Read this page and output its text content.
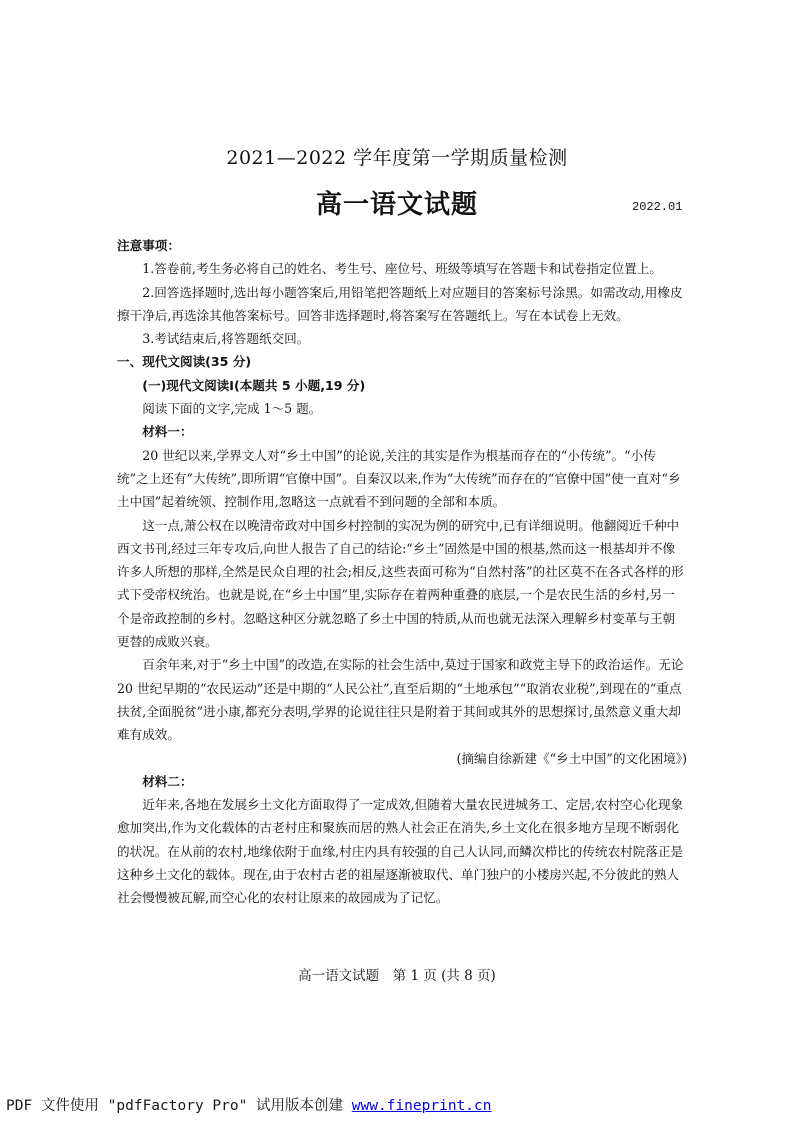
2021—2022 学年度第一学期质量检测
高一语文试题	2022.01

注意事项：

1.答卷前,考生务必将自己的姓名、考生号、座位号、班级等填写在答题卡和试卷指定位置上。

2.回答选择题时,选出每小题答案后,用铅笔把答题纸上对应题目的答案标号涂黑。如需改动,用橡皮擦干净后,再选涂其他答案标号。回答非选择题时,将答案写在答题纸上。写在本试卷上无效。

3.考试结束后,将答题纸交回。

一、现代文阅读(35 分)

(一)现代文阅读Ⅰ(本题共 5 小题,19 分)

阅读下面的文字,完成 1～5 题。

材料一：

20 世纪以来,学界文人对“乡土中国”的论说,关注的其实是作为根基而存在的“小传统”。“小传统”之上还有“大传统”,即所谓“官僚中国”。自秦汉以来,作为“大传统”而存在的“官僚中国”使一直对“乡土中国”起着统领、控制作用,忽略这一点就看不到问题的全部和本质。

这一点,萧公权在以晚清帝政对中国乡村控制的实况为例的研究中,已有详细说明。他翻阅近千种中西文书刊,经过三年专攻后,向世人报告了自己的结论:“乡土”固然是中国的根基,然而这一根基却并不像许多人所想的那样,全然是民众自理的社会;相反,这些表面可称为“自然村落”的社区莫不在各式各样的形式下受帝权统治。也就是说,在“乡土中国”里,实际存在着两种重叠的底层,一个是农民生活的乡村,另一个是帝政控制的乡村。忽略这种区分就忽略了乡土中国的特质,从而也就无法深入理解乡村变革与王朝更替的成败兴衰。

百余年来,对于“乡土中国”的改造,在实际的社会生活中,莫过于国家和政党主导下的政治运作。无论 20 世纪早期的“农民运动”还是中期的“人民公社”,直至后期的“土地承包”“取消农业税”,到现在的“重点扶贫,全面脱贫”进小康,都充分表明,学界的论说往往只是附着于其间或其外的思想探讨,虽然意义重大却难有成效。

(摘编自徐新建《“乡土中国”的文化困境》)

材料二：

近年来,各地在发展乡土文化方面取得了一定成效,但随着大量农民进城务工、定居,农村空心化现象愈加突出,作为文化载体的古老村庄和聚族而居的熟人社会正在消失,乡土文化在很多地方呈现不断弱化的状况。在从前的农村,地缘依附于血缘,村庄内具有较强的自己人认同,而鳞次栉比的传统农村院落正是这种乡土文化的载体。现在,由于农村古老的祖屋逐渐被取代、单门独户的小楼房兴起,不分彼此的熟人社会慢慢被瓦解,而空心化的农村让原来的故园成为了记忆。

高一语文试题　第 1 页 (共 8 页)
PDF 文件使用 "pdfFactory Pro" 试用版本创建 www.fineprint.cn
